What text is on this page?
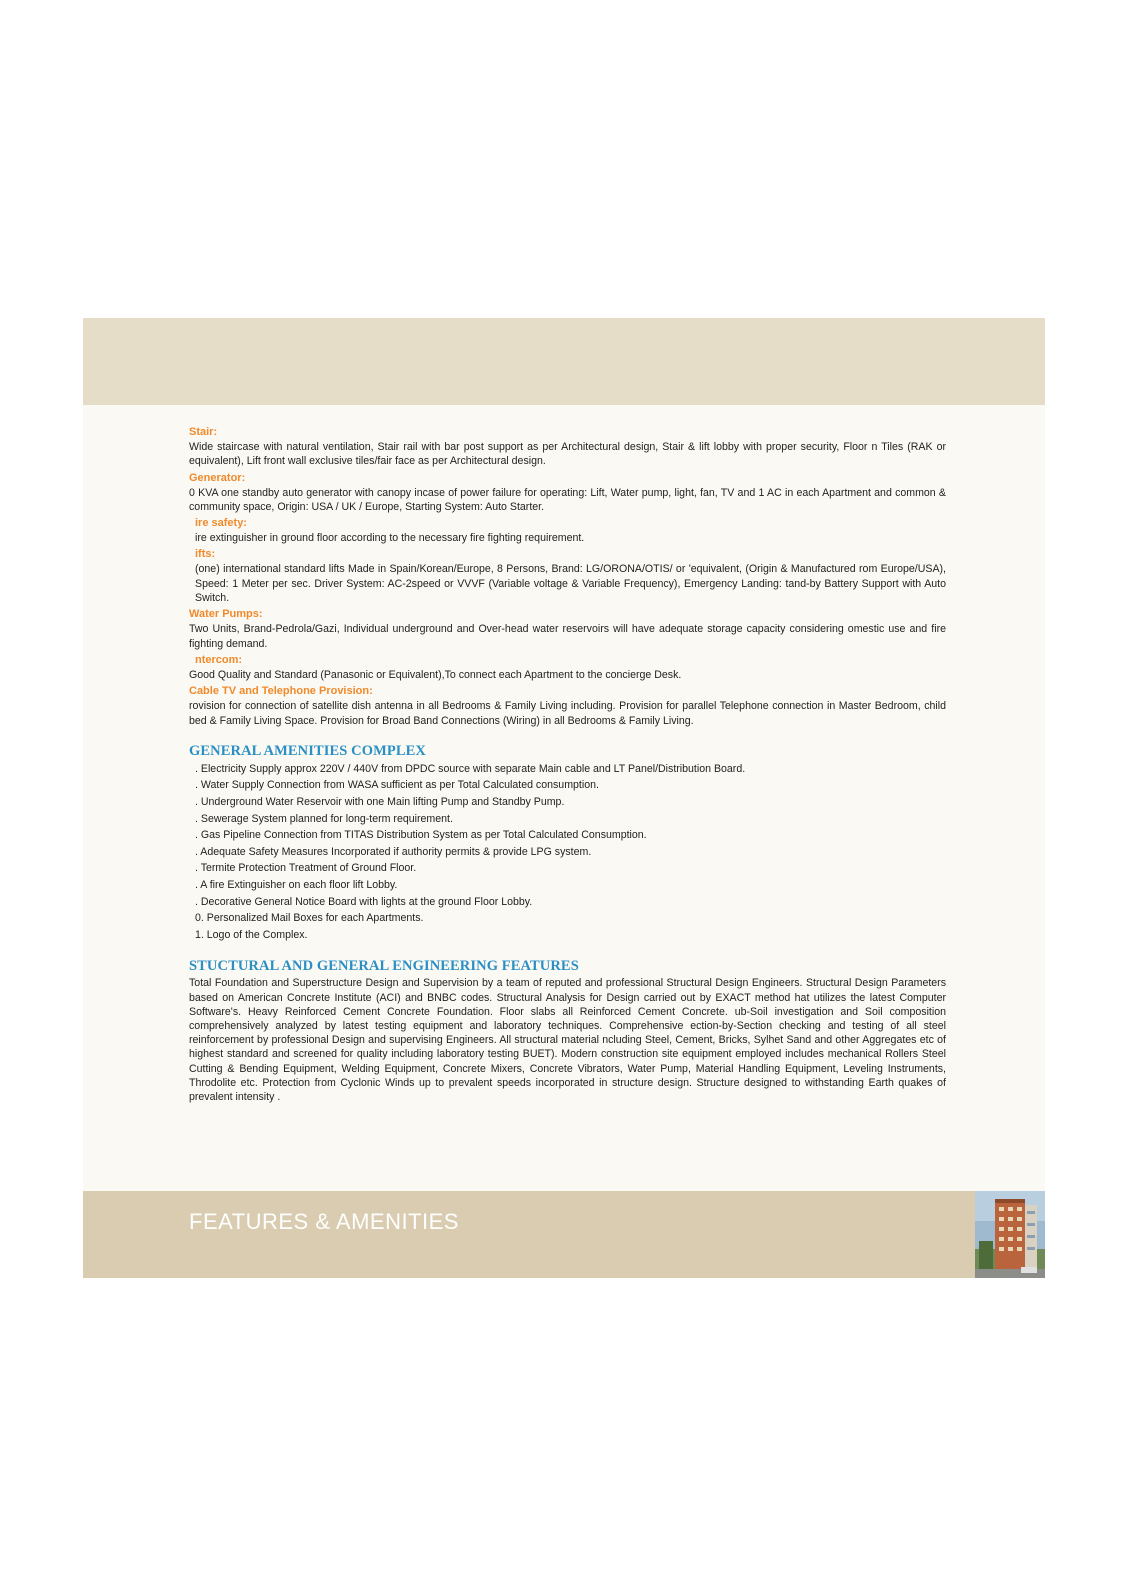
Stair:

Wide staircase with natural ventilation, Stair rail with bar post support as per Architectural design, Stair & lift lobby with proper security, Floor n Tiles (RAK or equivalent), Lift front wall exclusive tiles/fair face as per Architectural design.

Generator:

0 KVA one standby auto generator with canopy incase of power failure for operating: Lift, Water pump, light, fan, TV and 1 AC in each Apartment and common & community space, Origin: USA / UK / Europe, Starting System: Auto Starter.

ire safety:

ire extinguisher in ground floor according to the necessary fire fighting requirement.

ifts:

(one) international standard lifts Made in Spain/Korean/Europe, 8 Persons, Brand: LG/ORONA/OTIS/ or 'equivalent, (Origin & Manufactured rom Europe/USA), Speed: 1 Meter per sec. Driver System: AC-2speed or VVVF (Variable voltage & Variable Frequency), Emergency Landing: tand-by Battery Support with Auto Switch.

Water Pumps:

Two Units, Brand-Pedrola/Gazi, Individual underground and Over-head water reservoirs will have adequate storage capacity considering omestic use and fire fighting demand.

ntercom:

Good Quality and Standard (Panasonic or Equivalent),To connect each Apartment to the concierge Desk.

Cable TV and Telephone Provision:

rovision for connection of satellite dish antenna in all Bedrooms & Family Living including. Provision for parallel Telephone connection in Master Bedroom, child bed & Family Living Space. Provision for Broad Band Connections (Wiring) in all Bedrooms & Family Living.

GENERAL AMENITIES COMPLEX
. Electricity Supply approx 220V / 440V from DPDC source with separate Main cable and LT Panel/Distribution Board.
. Water Supply Connection from WASA sufficient as per Total Calculated consumption.
. Underground Water Reservoir with one Main lifting Pump and Standby Pump.
. Sewerage System planned for long-term requirement.
. Gas Pipeline Connection from TITAS Distribution System as per Total Calculated Consumption.
. Adequate Safety Measures Incorporated if authority permits & provide LPG system.
. Termite Protection Treatment of Ground Floor.
. A fire Extinguisher on each floor lift Lobby.
. Decorative General Notice Board with lights at the ground Floor Lobby.
0. Personalized Mail Boxes for each Apartments.
1. Logo of the Complex.
STUCTURAL AND GENERAL ENGINEERING FEATURES

Total Foundation and Superstructure Design and Supervision by a team of reputed and professional Structural Design Engineers. Structural Design Parameters based on American Concrete Institute (ACI) and BNBC codes. Structural Analysis for Design carried out by EXACT method hat utilizes the latest Computer Software's. Heavy Reinforced Cement Concrete Foundation. Floor slabs all Reinforced Cement Concrete. ub-Soil investigation and Soil composition comprehensively analyzed by latest testing equipment and laboratory techniques. Comprehensive ection-by-Section checking and testing of all steel reinforcement by professional Design and supervising Engineers. All structural material ncluding Steel, Cement, Bricks, Sylhet Sand and other Aggregates etc of highest standard and screened for quality including laboratory testing BUET). Modern construction site equipment employed includes mechanical Rollers Steel Cutting & Bending Equipment, Welding Equipment, Concrete Mixers, Concrete Vibrators, Water Pump, Material Handling Equipment, Leveling Instruments, Throdolite etc. Protection from Cyclonic Winds up to prevalent speeds incorporated in structure design. Structure designed to withstanding Earth quakes of prevalent intensity .

FEATURES & AMENITIES
